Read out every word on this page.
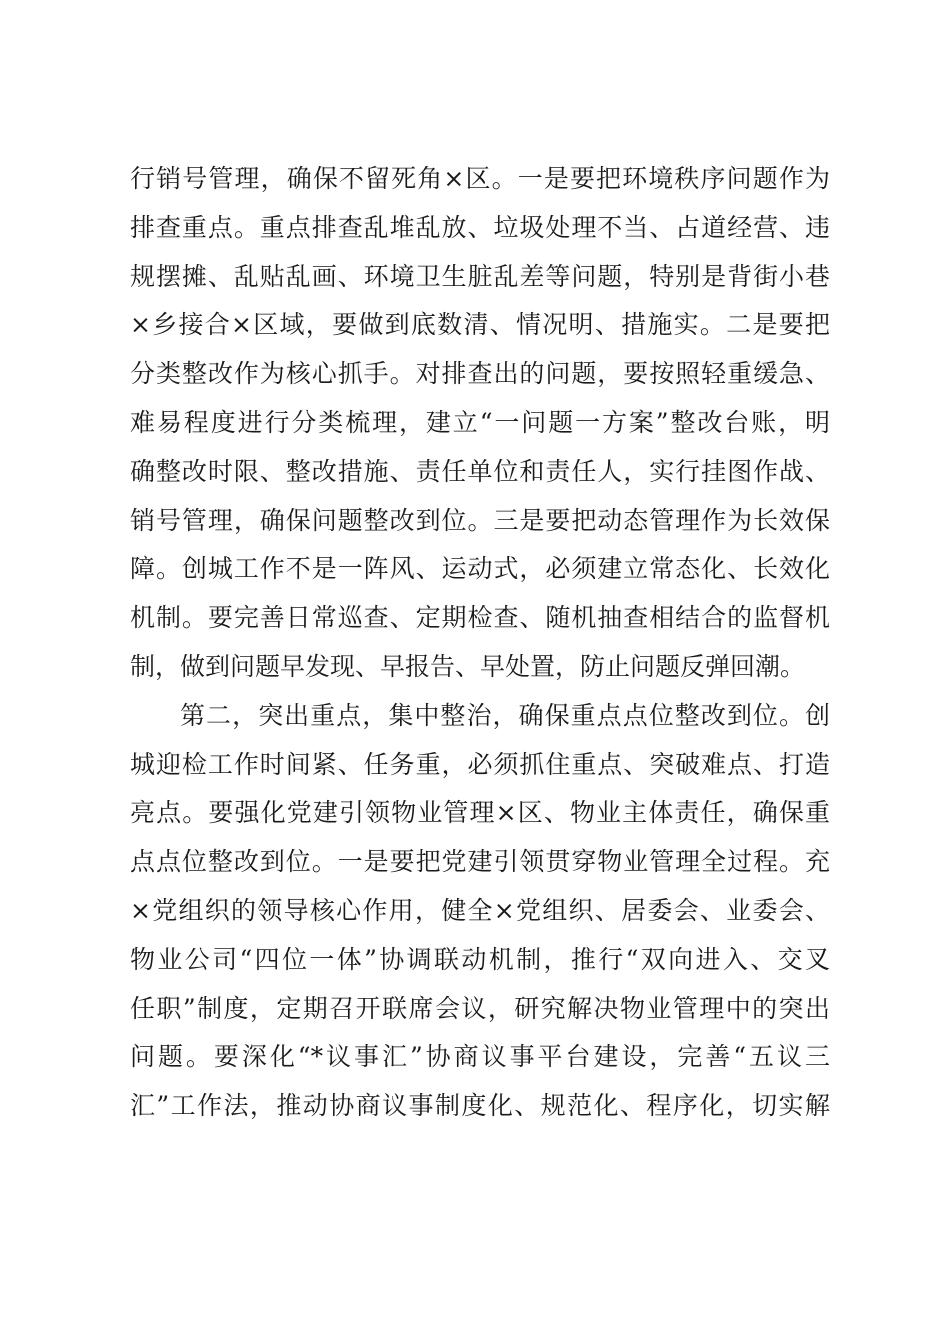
行销号管理，确保不留死角×区。一是要把环境秩序问题作为
排查重点。重点排查乱堆乱放、垃圾处理不当、占道经营、违
规摆摊、乱贴乱画、环境卫生脏乱差等问题，特别是背街小巷
×乡接合×区域，要做到底数清、情况明、措施实。二是要把
分类整改作为核心抓手。对排查出的问题，要按照轻重缓急、
难易程度进行分类梳理，建立“一问题一方案”整改台账，明
确整改时限、整改措施、责任单位和责任人，实行挂图作战、
销号管理，确保问题整改到位。三是要把动态管理作为长效保
障。创城工作不是一阵风、运动式，必须建立常态化、长效化
机制。要完善日常巡查、定期检查、随机抽查相结合的监督机
制，做到问题早发现、早报告、早处置，防止问题反弹回潮。
第二，突出重点，集中整治，确保重点点位整改到位。创
城迎检工作时间紧、任务重，必须抓住重点、突破难点、打造
亮点。要强化党建引领物业管理×区、物业主体责任，确保重
点点位整改到位。一是要把党建引领贯穿物业管理全过程。充
×党组织的领导核心作用，健全×党组织、居委会、业委会、
物业公司“四位一体”协调联动机制，推行“双向进入、交叉
任职”制度，定期召开联席会议，研究解决物业管理中的突出
问题。要深化“*议事汇”协商议事平台建设，完善“五议三
汇”工作法，推动协商议事制度化、规范化、程序化，切实解
